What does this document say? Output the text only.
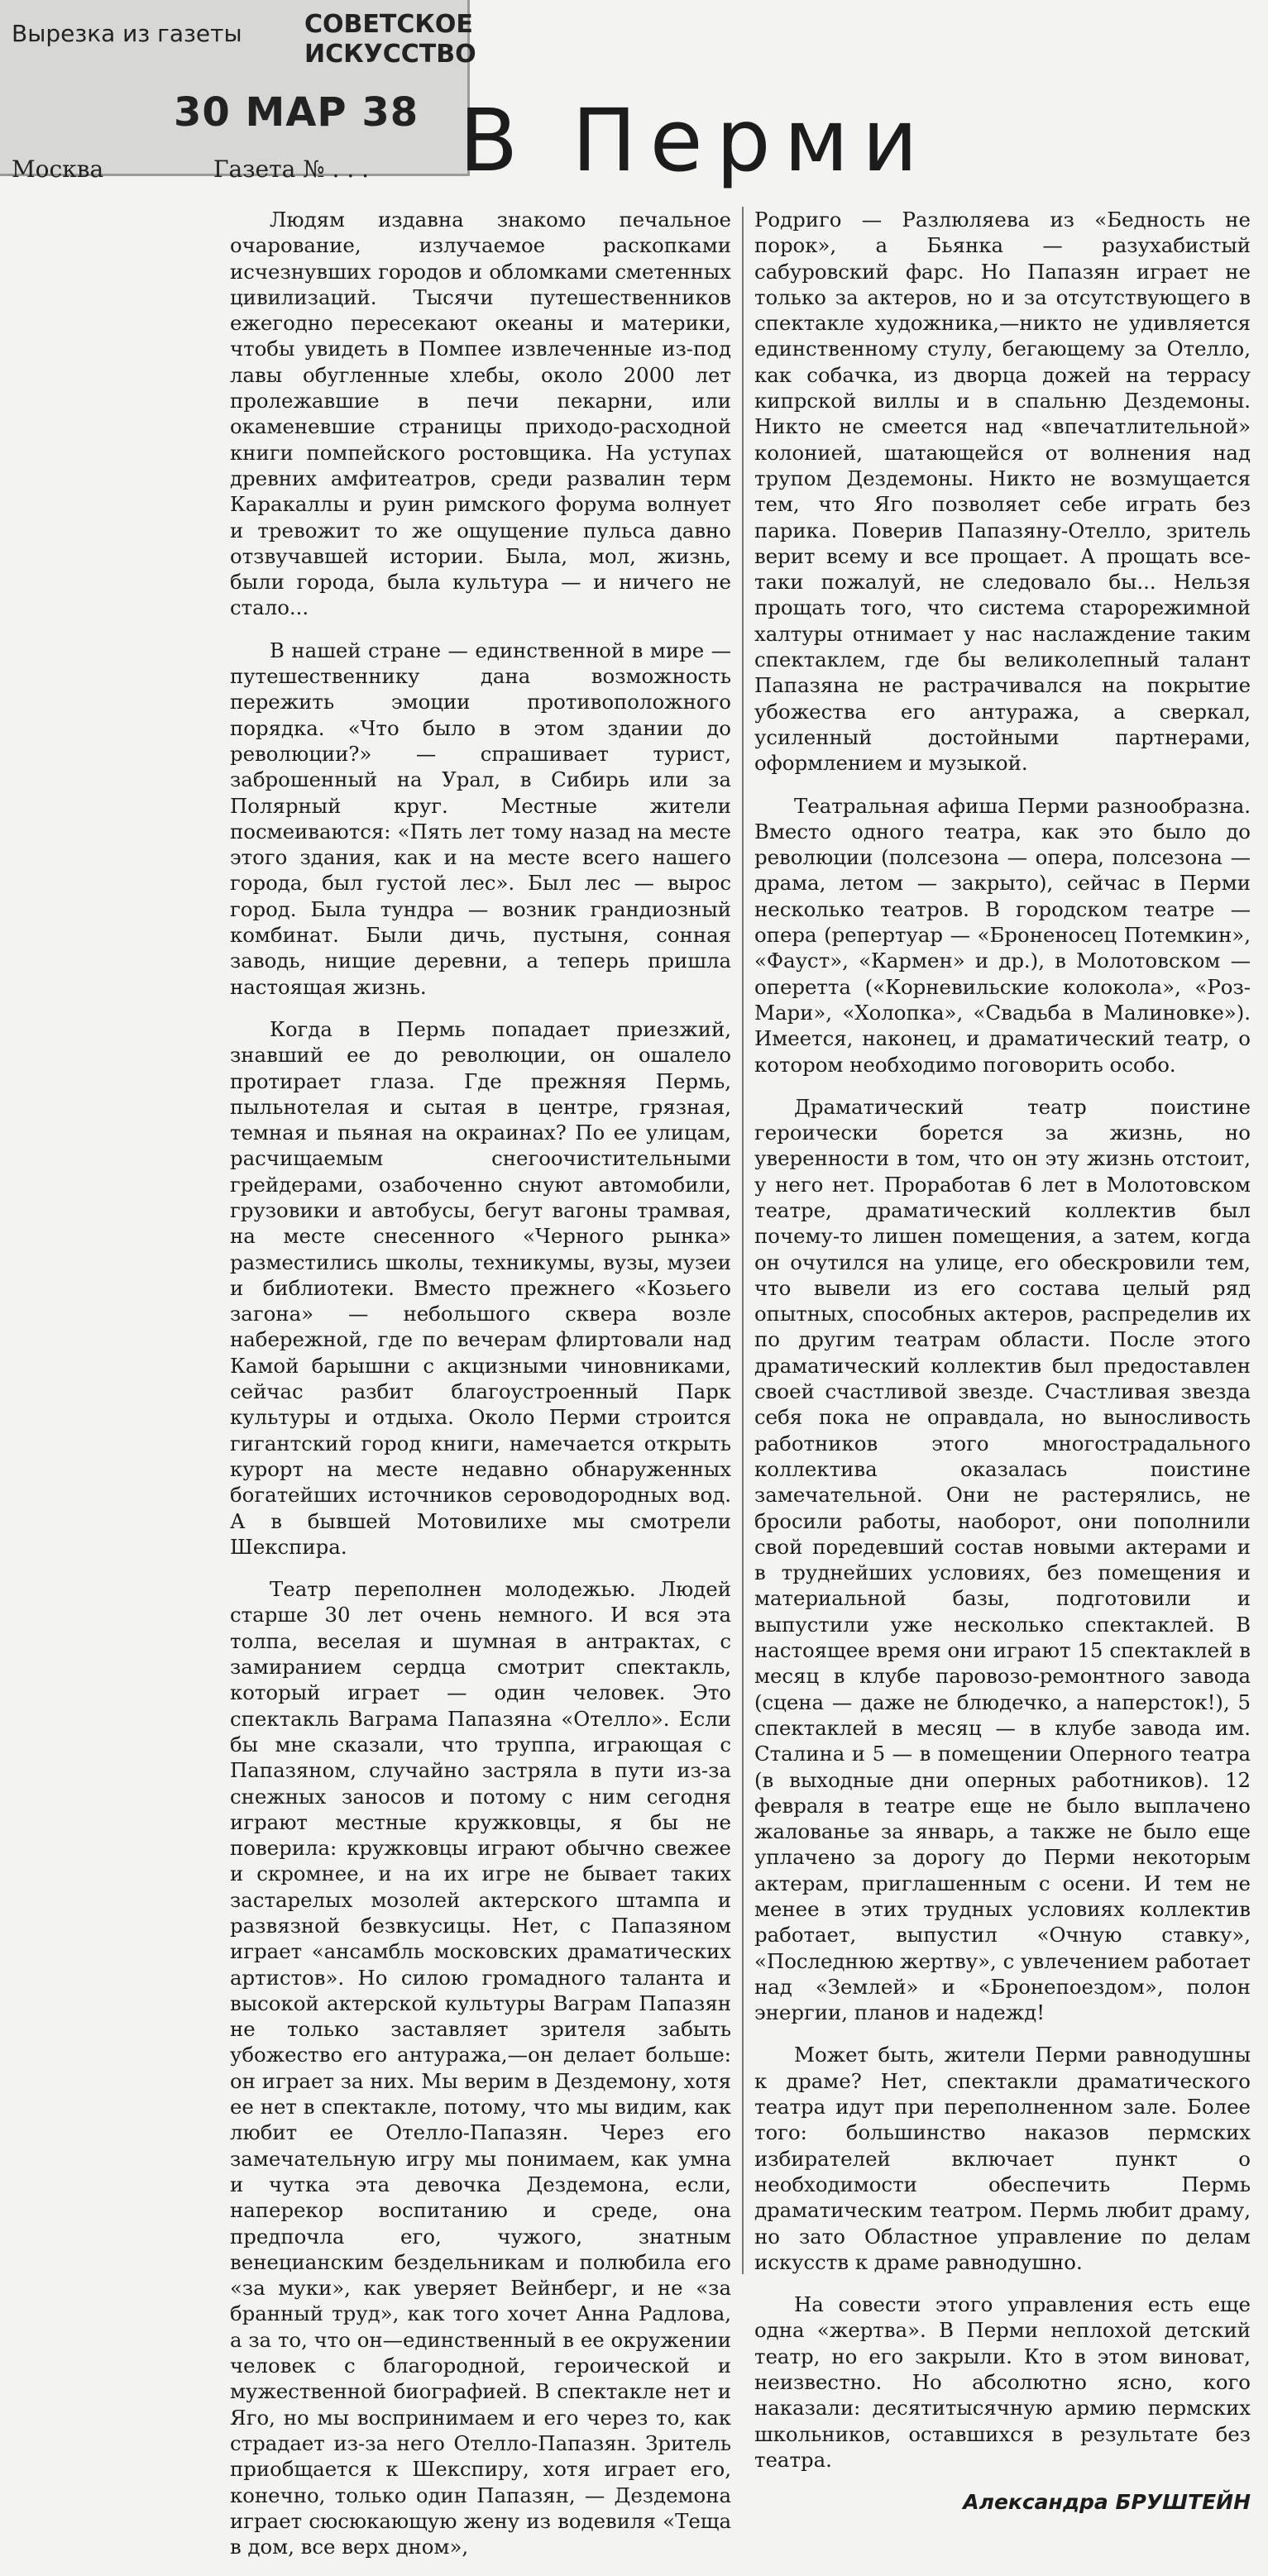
Вырезка из газеты	СОВЕТСКОЕ ИСКУССТВО
30 МАР 38
Москва	Газета № . . . В Перми

Людям издавна знакомо печальное очарование, излучаемое раскопками исчезнувших городов и обломками сметенных цивилизаций. Тысячи путешественников ежегодно пересекают океаны и материки, чтобы увидеть в Помпее извлеченные из-под лавы обугленные хлебы, около 2000 лет пролежавшие в печи пекарни, или окаменевшие страницы приходо-расходной книги помпейского ростовщика. На уступах древних амфитеатров, среди развалин терм Каракаллы и руин римского форума волнует и тревожит то же ощущение пульса давно отзвучавшей истории. Была, мол, жизнь, были города, была культура — и ничего не стало...

В нашей стране — единственной в мире — путешественнику дана возможность пережить эмоции противоположного порядка. «Что было в этом здании до революции?» — спрашивает турист, заброшенный на Урал, в Сибирь или за Полярный круг. Местные жители посмеиваются: «Пять лет тому назад на месте этого здания, как и на месте всего нашего города, был густой лес». Был лес — вырос город. Была тундра — возник грандиозный комбинат. Были дичь, пустыня, сонная заводь, нищие деревни, а теперь пришла настоящая жизнь.

Когда в Пермь попадает приезжий, знавший ее до революции, он ошалело протирает глаза. Где прежняя Пермь, пыльнотелая и сытая в центре, грязная, темная и пьяная на окраинах? По ее улицам, расчищаемым снегоочистительными грейдерами, озабоченно снуют автомобили, грузовики и автобусы, бегут вагоны трамвая, на месте снесенного «Черного рынка» разместились школы, техникумы, вузы, музеи и библиотеки. Вместо прежнего «Козьего загона» — небольшого сквера возле набережной, где по вечерам флиртовали над Камой барышни с акцизными чиновниками, сейчас разбит благоустроенный Парк культуры и отдыха. Около Перми строится гигантский город книги, намечается открыть курорт на месте недавно обнаруженных богатейших источников сероводородных вод. А в бывшей Мотовилихе мы смотрели Шекспира.

Театр переполнен молодежью. Людей старше 30 лет очень немного. И вся эта толпа, веселая и шумная в антрактах, с замиранием сердца смотрит спектакль, который играет — один человек. Это спектакль Ваграма Папазяна «Отелло». Если бы мне сказали, что труппа, играющая с Папазяном, случайно застряла в пути из-за снежных заносов и потому с ним сегодня играют местные кружковцы, я бы не поверила: кружковцы играют обычно свежее и скромнее, и на их игре не бывает таких застарелых мозолей актерского штампа и развязной безвкусицы. Нет, с Папазяном играет «ансамбль московских драматических артистов». Но силою громадного таланта и высокой актерской культуры Ваграм Папазян не только заставляет зрителя забыть убожество его антуража,—он делает больше: он играет за них. Мы верим в Дездемону, хотя ее нет в спектакле, потому, что мы видим, как любит ее Отелло-Папазян. Через его замечательную игру мы понимаем, как умна и чутка эта девочка Дездемона, если, наперекор воспитанию и среде, она предпочла его, чужого, знатным венецианским бездельникам и полюбила его «за муки», как уверяет Вейнберг, и не «за бранный труд», как того хочет Анна Радлова, а за то, что он—единственный в ее окружении человек с благородной, героической и мужественной биографией. В спектакле нет и Яго, но мы воспринимаем и его через то, как страдает из-за него Отелло-Папазян. Зритель приобщается к Шекспиру, хотя играет его, конечно, только один Папазян, — Дездемона играет сюсюкающую жену из водевиля «Теща в дом, все верх дном»,

Родриго — Разлюляева из «Бедность не порок», а Бьянка — разухабистый сабуровский фарс. Но Папазян играет не только за актеров, но и за отсутствующего в спектакле художника,—никто не удивляется единственному стулу, бегающему за Отелло, как собачка, из дворца дожей на террасу кипрской виллы и в спальню Дездемоны. Никто не смеется над «впечатлительной» колонией, шатающейся от волнения над трупом Дездемоны. Никто не возмущается тем, что Яго позволяет себе играть без парика. Поверив Папазяну-Отелло, зритель верит всему и все прощает. А прощать все-таки пожалуй, не следовало бы... Нельзя прощать того, что система старорежимной халтуры отнимает у нас наслаждение таким спектаклем, где бы великолепный талант Папазяна не растрачивался на покрытие убожества его антуража, а сверкал, усиленный достойными партнерами, оформлением и музыкой.

Театральная афиша Перми разнообразна. Вместо одного театра, как это было до революции (полсезона — опера, полсезона — драма, летом — закрыто), сейчас в Перми несколько театров. В городском театре — опера (репертуар — «Броненосец Потемкин», «Фауст», «Кармен» и др.), в Молотовском — оперетта («Корневильские колокола», «Роз-Мари», «Холопка», «Свадьба в Малиновке»). Имеется, наконец, и драматический театр, о котором необходимо поговорить особо.

Драматический театр поистине героически борется за жизнь, но уверенности в том, что он эту жизнь отстоит, у него нет. Проработав 6 лет в Молотовском театре, драматический коллектив был почему-то лишен помещения, а затем, когда он очутился на улице, его обескровили тем, что вывели из его состава целый ряд опытных, способных актеров, распределив их по другим театрам области. После этого драматический коллектив был предоставлен своей счастливой звезде. Счастливая звезда себя пока не оправдала, но выносливость работников этого многострадального коллектива оказалась поистине замечательной. Они не растерялись, не бросили работы, наоборот, они пополнили свой поредевший состав новыми актерами и в труднейших условиях, без помещения и материальной базы, подготовили и выпустили уже несколько спектаклей. В настоящее время они играют 15 спектаклей в месяц в клубе паровозо-ремонтного завода (сцена — даже не блюдечко, а наперсток!), 5 спектаклей в месяц — в клубе завода им. Сталина и 5 — в помещении Оперного театра (в выходные дни оперных работников). 12 февраля в театре еще не было выплачено жалованье за январь, а также не было еще уплачено за дорогу до Перми некоторым актерам, приглашенным с осени. И тем не менее в этих трудных условиях коллектив работает, выпустил «Очную ставку», «Последнюю жертву», с увлечением работает над «Землей» и «Бронепоездом», полон энергии, планов и надежд!

Может быть, жители Перми равнодушны к драме? Нет, спектакли драматического театра идут при переполненном зале. Более того: большинство наказов пермских избирателей включает пункт о необходимости обеспечить Пермь драматическим театром. Пермь любит драму, но зато Областное управление по делам искусств к драме равнодушно.

На совести этого управления есть еще одна «жертва». В Перми неплохой детский театр, но его закрыли. Кто в этом виноват, неизвестно. Но абсолютно ясно, кого наказали: десятитысячную армию пермских школьников, оставшихся в результате без театра.

Александра БРУШТЕЙН
